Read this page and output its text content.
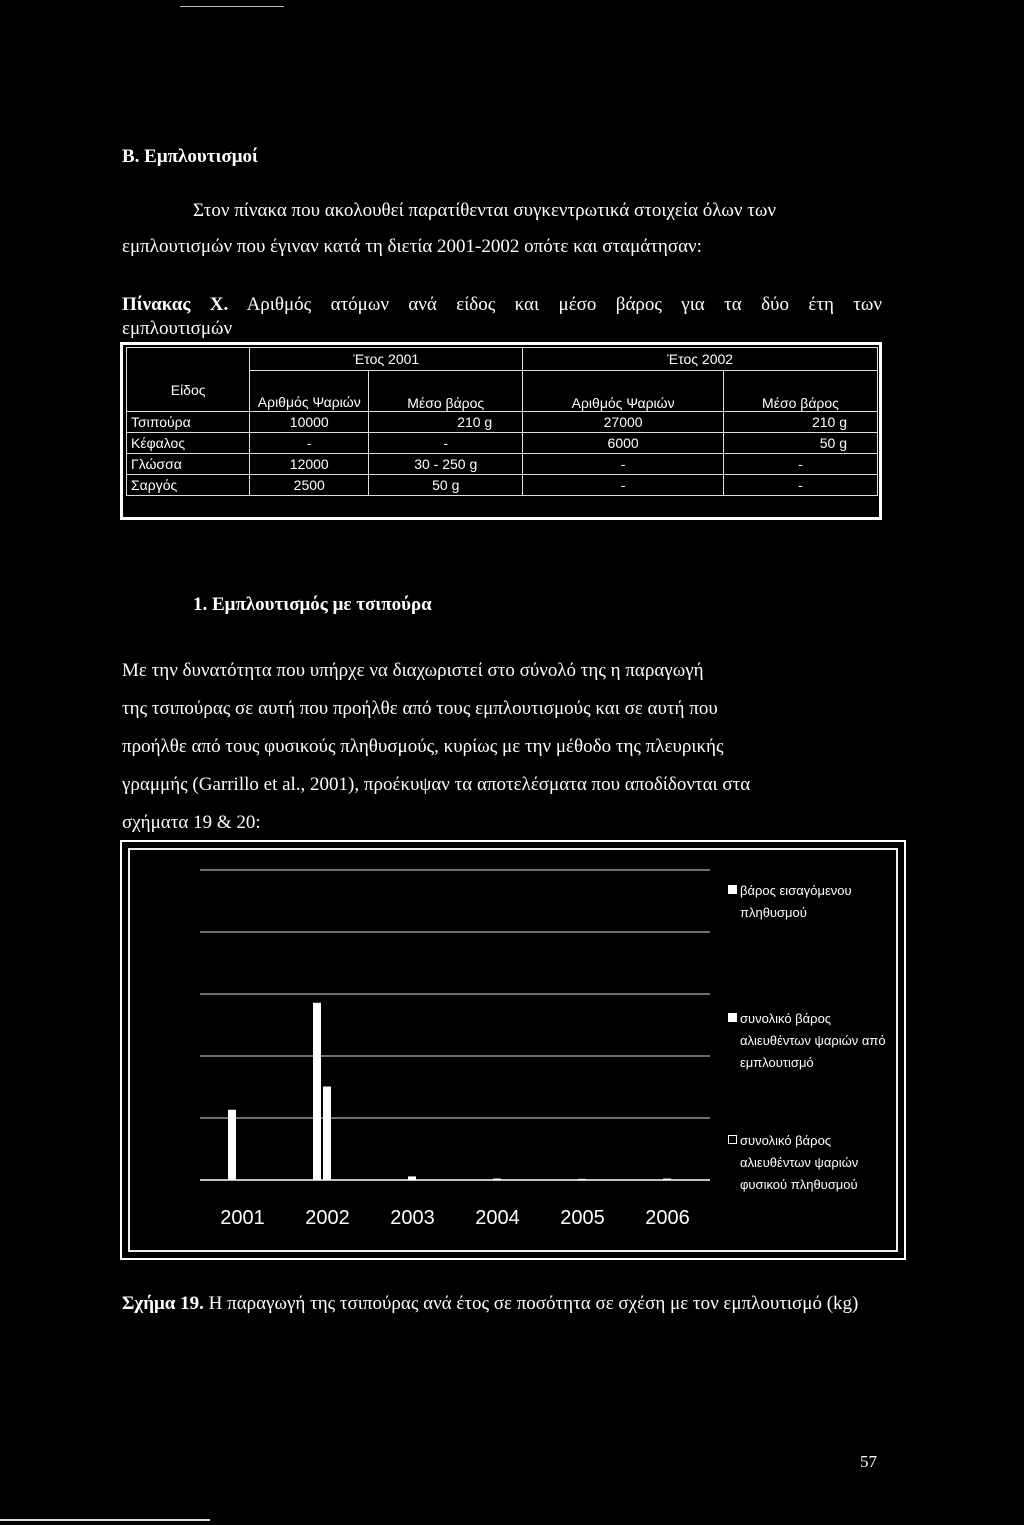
B. Εμπλουτισμοί
Στον πίνακα που ακολουθεί παρατίθενται συγκεντρωτικά στοιχεία όλων των
εμπλουτισμών που έγιναν κατά τη διετία 2001-2002 οπότε και σταμάτησαν:
Πίνακας Χ. Αριθμός ατόμων ανά είδος και μέσο βάρος για τα δύο έτη των
εμπλουτισμών
Είδος	Έτος 2001		Έτος 2002	
	Αριθμός Ψαριών	Μέσο βάρος	Αριθμός Ψαριών	Μέσο βάρος
Τσιπούρα	10000	210 g	27000	210 g
Κέφαλος	-	-	6000	50 g
Γλώσσα	12000	30 - 250 g	-	-
Σαργός	2500	50 g	-	-
1. Εμπλουτισμός με τσιπούρα
Με την δυνατότητα που υπήρχε να διαχωριστεί στο σύνολό της η παραγωγή
της τσιπούρας σε αυτή που προήλθε από τους εμπλουτισμούς και σε αυτή που
προήλθε από τους φυσικούς πληθυσμούς, κυρίως με την μέθοδο της πλευρικής
γραμμής (Garrillo et al., 2001), προέκυψαν τα αποτελέσματα που αποδίδονται στα
σχήματα 19 & 20:
2001 2002 2003 2004 2005 2006
βάρος εισαγόμενου πληθυσμού
συνολικό βάρος αλιευθέντων ψαριών από εμπλουτισμό
συνολικό βάρος αλιευθέντων ψαριών φυσικού πληθυσμού
Σχήμα 19. Η παραγωγή της τσιπούρας ανά έτος σε ποσότητα σε σχέση με τον εμπλουτισμό (kg)
57
